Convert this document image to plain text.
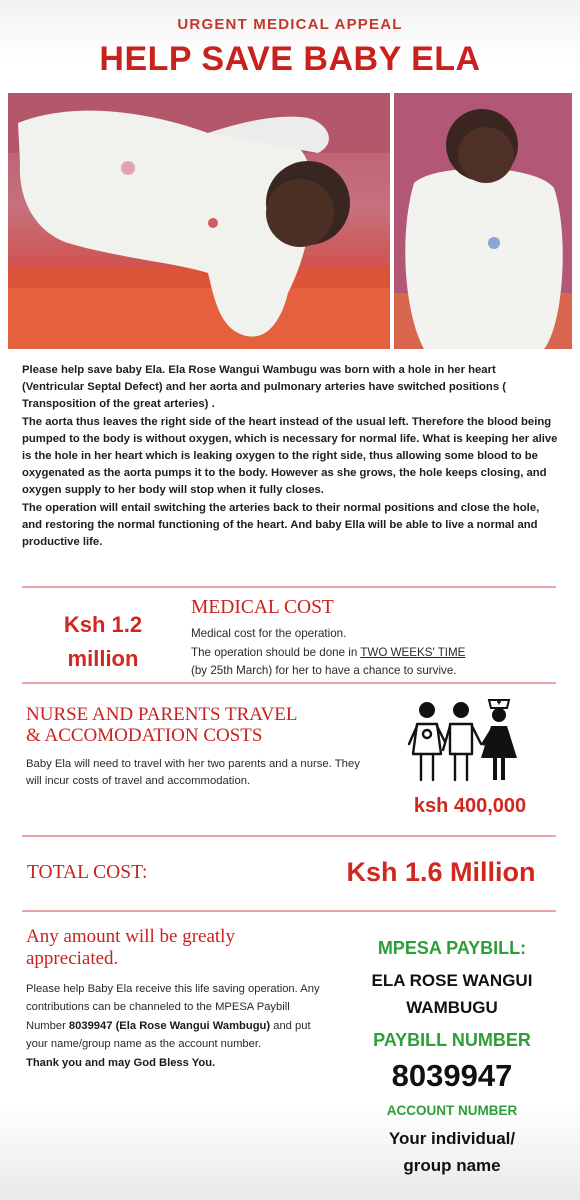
URGENT MEDICAL APPEAL
HELP SAVE BABY ELA

Please help save baby Ela. Ela Rose Wangui Wambugu was born with a hole in her heart (Ventricular Septal Defect) and her aorta and pulmonary arteries have switched positions ( Transposition of the great arteries) .

The aorta thus leaves the right side of the heart instead of the usual left. Therefore the blood being pumped to the body is without oxygen, which is necessary for normal life. What is keeping her alive is the hole in her heart which is leaking oxygen to the right side, thus allowing some blood to be oxygenated as the aorta pumps it to the body. However as she grows, the hole keeps closing, and oxygen supply to her body will stop when it fully closes.

The operation will entail switching the arteries back to their normal positions and close the hole, and restoring the normal functioning of the heart. And baby Ella will be able to live a normal and productive life.

Ksh 1.2
million
MEDICAL COST
Medical cost for the operation.
The operation should be done in TWO WEEKS' TIME
(by 25th March) for her to have a chance to survive.
NURSE AND PARENTS TRAVEL
& ACCOMODATION COSTS
Baby Ela will need to travel with her two parents and a nurse. They will incur costs of travel and accommodation.
ksh 400,000
TOTAL COST:	Ksh 1.6 Million
Any amount will be greatly
appreciated.
Please help Baby Ela receive this life saving operation. Any contributions can be channeled to the MPESA Paybill Number 8039947 (Ela Rose Wangui Wambugu) and put your name/group name as the account number.
Thank you and may God Bless You.
MPESA PAYBILL:
ELA ROSE WANGUI
WAMBUGU
PAYBILL NUMBER
8039947
ACCOUNT NUMBER
Your individual/
group name
